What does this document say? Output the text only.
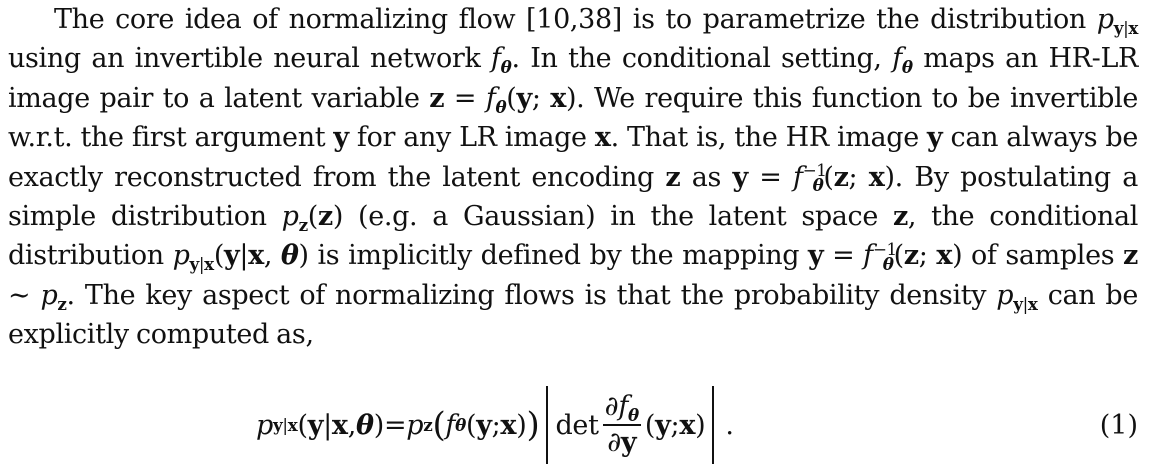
The core idea of normalizing flow [10,38] is to parametrize the distribution $p_{y|x}$ using an invertible neural network $f_\theta$. In the conditional setting, $f_\theta$ maps an HR-LR image pair to a latent variable $z = f_\theta(y$; x). We require this function to be invertible w.r.t. the first argument y for any LR image x. That is, the HR image y can always be exactly reconstructed from the latent encoding z as $y = f^{-1}_\theta(z$; x). By postulating a simple distribution $p_z(z)$ (e.g. a Gaussian) in the latent space z, the conditional distribution $p_{y|x}(y|x$, θ) is implicitly defined by the mapping $y = f^{-1}_\theta(z$; x) of samples z ∼ $p_z$. The key aspect of normalizing flows is that the probability density $p_{y|x}$ can be explicitly computed as,

p y|x ( y | x , θ ) = p z ( f θ ( y ; x ) ) $\det \frac{\partial f_\theta}{\partial y}$ ( y ; x ) .	(1)
